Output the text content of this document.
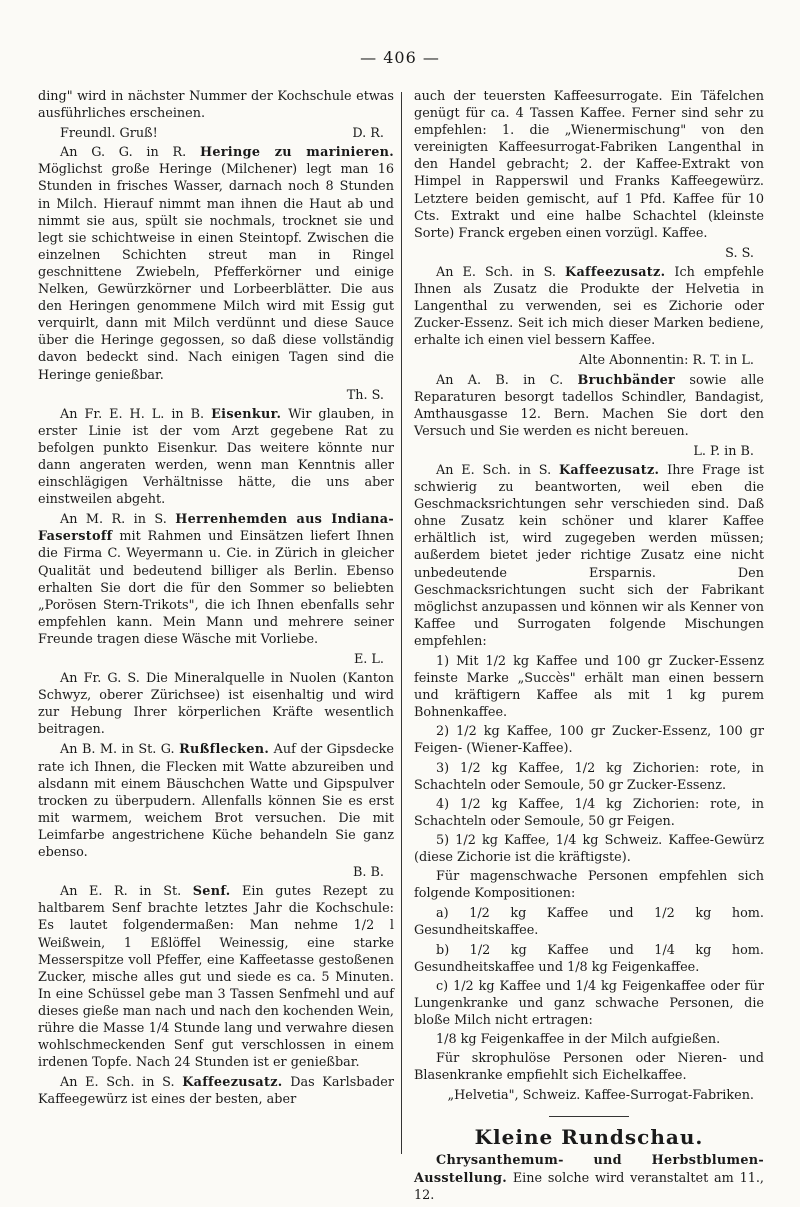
— 406 —

ding" wird in nächster Nummer der Kochschule etwas ausführliches erscheinen.

Freundl. Gruß!	D. R.

An G. G. in R. Heringe zu marinieren. Möglichst große Heringe (Milchener) legt man 16 Stunden in frisches Wasser, darnach noch 8 Stunden in Milch. Hierauf nimmt man ihnen die Haut ab und nimmt sie aus, spült sie nochmals, trocknet sie und legt sie schichtweise in einen Steintopf. Zwischen die einzelnen Schichten streut man in Ringel geschnittene Zwiebeln, Pfefferkörner und einige Nelken, Gewürzkörner und Lorbeerblätter. Die aus den Heringen genommene Milch wird mit Essig gut verquirlt, dann mit Milch verdünnt und diese Sauce über die Heringe gegossen, so daß diese vollständig davon bedeckt sind. Nach einigen Tagen sind die Heringe genießbar.

Th. S.

An Fr. E. H. L. in B. Eisenkur. Wir glauben, in erster Linie ist der vom Arzt gegebene Rat zu befolgen punkto Eisenkur. Das weitere könnte nur dann angeraten werden, wenn man Kenntnis aller einschlägigen Verhältnisse hätte, die uns aber einstweilen abgeht.

An M. R. in S. Herrenhemden aus Indiana-Faserstoff mit Rahmen und Einsätzen liefert Ihnen die Firma C. Weyermann u. Cie. in Zürich in gleicher Qualität und bedeutend billiger als Berlin. Ebenso erhalten Sie dort die für den Sommer so beliebten „Porösen Stern-Trikots", die ich Ihnen ebenfalls sehr empfehlen kann. Mein Mann und mehrere seiner Freunde tragen diese Wäsche mit Vorliebe.

E. L.

An Fr. G. S. Die Mineralquelle in Nuolen (Kanton Schwyz, oberer Zürichsee) ist eisenhaltig und wird zur Hebung Ihrer körperlichen Kräfte wesentlich beitragen.

An B. M. in St. G. Rußflecken. Auf der Gipsdecke rate ich Ihnen, die Flecken mit Watte abzureiben und alsdann mit einem Bäuschchen Watte und Gipspulver trocken zu überpudern. Allenfalls können Sie es erst mit warmem, weichem Brot versuchen. Die mit Leimfarbe angestrichene Küche behandeln Sie ganz ebenso.

B. B.

An E. R. in St. Senf. Ein gutes Rezept zu haltbarem Senf brachte letztes Jahr die Kochschule: Es lautet folgendermaßen: Man nehme 1/2 l Weißwein, 1 Eßlöffel Weinessig, eine starke Messerspitze voll Pfeffer, eine Kaffeetasse gestoßenen Zucker, mische alles gut und siede es ca. 5 Minuten. In eine Schüssel gebe man 3 Tassen Senfmehl und auf dieses gieße man nach und nach den kochenden Wein, rühre die Masse 1/4 Stunde lang und verwahre diesen wohlschmeckenden Senf gut verschlossen in einem irdenen Topfe. Nach 24 Stunden ist er genießbar.

An E. Sch. in S. Kaffeezusatz. Das Karlsbader Kaffeegewürz ist eines der besten, aber

auch der teuersten Kaffeesurrogate. Ein Täfelchen genügt für ca. 4 Tassen Kaffee. Ferner sind sehr zu empfehlen: 1. die „Wienermischung" von den vereinigten Kaffeesurrogat-Fabriken Langenthal in den Handel gebracht; 2. der Kaffee-Extrakt von Himpel in Rapperswil und Franks Kaffeegewürz. Letztere beiden gemischt, auf 1 Pfd. Kaffee für 10 Cts. Extrakt und eine halbe Schachtel (kleinste Sorte) Franck ergeben einen vorzügl. Kaffee.

S. S.

An E. Sch. in S. Kaffeezusatz. Ich empfehle Ihnen als Zusatz die Produkte der Helvetia in Langenthal zu verwenden, sei es Zichorie oder Zucker-Essenz. Seit ich mich dieser Marken bediene, erhalte ich einen viel bessern Kaffee.

Alte Abonnentin: R. T. in L.

An A. B. in C. Bruchbänder sowie alle Reparaturen besorgt tadellos Schindler, Bandagist, Amthausgasse 12. Bern. Machen Sie dort den Versuch und Sie werden es nicht bereuen.

L. P. in B.

An E. Sch. in S. Kaffeezusatz. Ihre Frage ist schwierig zu beantworten, weil eben die Geschmacksrichtungen sehr verschieden sind. Daß ohne Zusatz kein schöner und klarer Kaffee erhältlich ist, wird zugegeben werden müssen; außerdem bietet jeder richtige Zusatz eine nicht unbedeutende Ersparnis. Den Geschmacksrichtungen sucht sich der Fabrikant möglichst anzupassen und können wir als Kenner von Kaffee und Surrogaten folgende Mischungen empfehlen:

1) Mit 1/2 kg Kaffee und 100 gr Zucker-Essenz feinste Marke „Succès" erhält man einen bessern und kräftigern Kaffee als mit 1 kg purem Bohnenkaffee.
2) 1/2 kg Kaffee, 100 gr Zucker-Essenz, 100 gr Feigen- (Wiener-Kaffee).
3) 1/2 kg Kaffee, 1/2 kg Zichorien: rote, in Schachteln oder Semoule, 50 gr Zucker-Essenz.
4) 1/2 kg Kaffee, 1/4 kg Zichorien: rote, in Schachteln oder Semoule, 50 gr Feigen.
5) 1/2 kg Kaffee, 1/4 kg Schweiz. Kaffee-Gewürz (diese Zichorie ist die kräftigste).

Für magenschwache Personen empfehlen sich folgende Kompositionen:

a) 1/2 kg Kaffee und 1/2 kg hom. Gesundheitskaffee.
b) 1/2 kg Kaffee und 1/4 kg hom. Gesundheitskaffee und 1/8 kg Feigenkaffee.
c) 1/2 kg Kaffee und 1/4 kg Feigenkaffee oder für Lungenkranke und ganz schwache Personen, die bloße Milch nicht ertragen:
1/8 kg Feigenkaffee in der Milch aufgießen.

Für skrophulöse Personen oder Nieren- und Blasenkranke empfiehlt sich Eichelkaffee.

„Helvetia", Schweiz. Kaffee-Surrogat-Fabriken.
Kleine Rundschau.

Chrysanthemum- und Herbstblumen-Ausstellung. Eine solche wird veranstaltet am 11., 12.
